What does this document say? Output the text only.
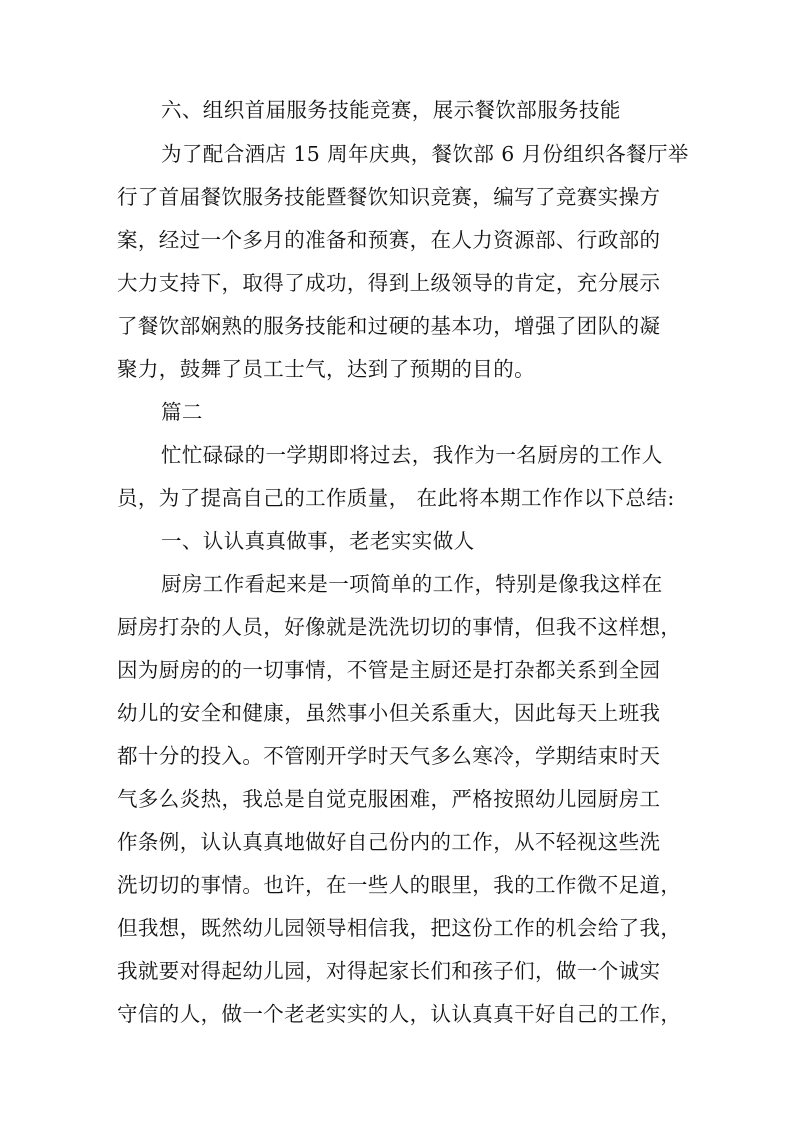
六、组织首届服务技能竞赛，展示餐饮部服务技能
为了配合酒店 15 周年庆典，餐饮部 6 月份组织各餐厅举
行了首届餐饮服务技能暨餐饮知识竞赛，编写了竞赛实操方
案，经过一个多月的准备和预赛，在人力资源部、行政部的
大力支持下，取得了成功，得到上级领导的肯定，充分展示
了餐饮部娴熟的服务技能和过硬的基本功，增强了团队的凝
聚力，鼓舞了员工士气，达到了预期的目的。
篇二
忙忙碌碌的一学期即将过去，我作为一名厨房的工作人
员，为了提高自己的工作质量， 在此将本期工作作以下总结:
一、认认真真做事，老老实实做人
厨房工作看起来是一项简单的工作，特别是像我这样在
厨房打杂的人员，好像就是洗洗切切的事情，但我不这样想，
因为厨房的的一切事情，不管是主厨还是打杂都关系到全园
幼儿的安全和健康，虽然事小但关系重大，因此每天上班我
都十分的投入。不管刚开学时天气多么寒冷，学期结束时天
气多么炎热，我总是自觉克服困难，严格按照幼儿园厨房工
作条例，认认真真地做好自己份内的工作，从不轻视这些洗
洗切切的事情。也许，在一些人的眼里，我的工作微不足道，
但我想，既然幼儿园领导相信我，把这份工作的机会给了我，
我就要对得起幼儿园，对得起家长们和孩子们，做一个诚实
守信的人，做一个老老实实的人，认认真真干好自己的工作，
